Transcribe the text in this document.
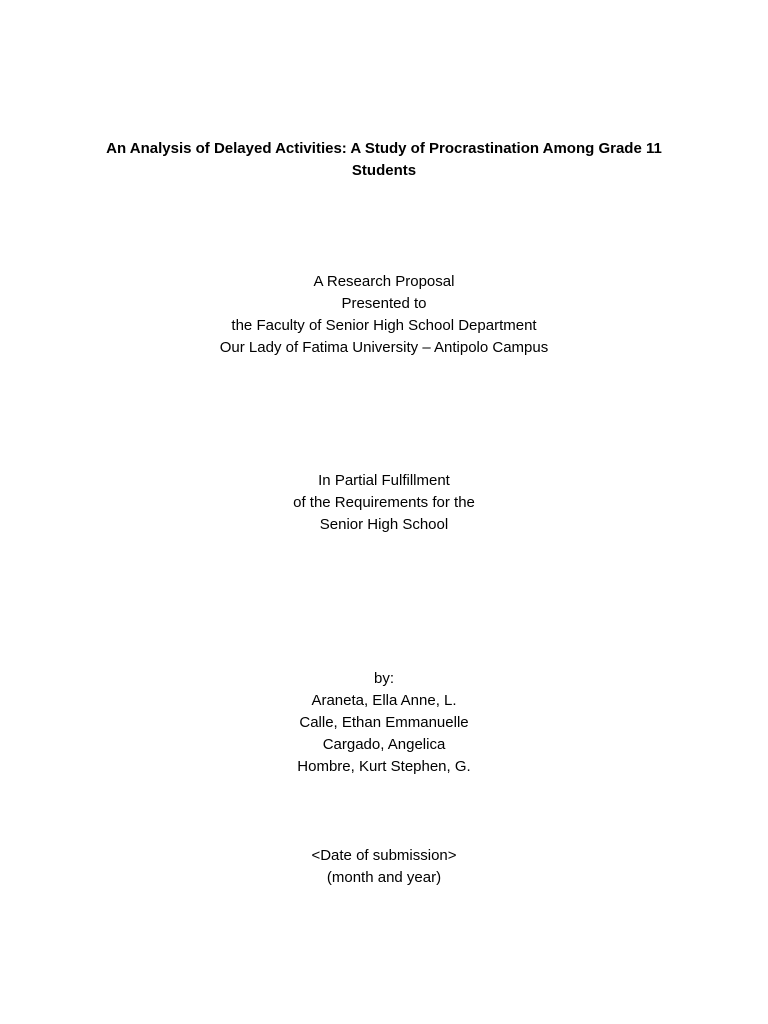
An Analysis of Delayed Activities: A Study of Procrastination Among Grade 11
Students
A Research Proposal
Presented to
the Faculty of Senior High School Department
Our Lady of Fatima University – Antipolo Campus
In Partial Fulfillment
of the Requirements for the
Senior High School
by:
Araneta, Ella Anne, L.
Calle, Ethan Emmanuelle
Cargado, Angelica
Hombre, Kurt Stephen, G.
<Date of submission>
(month and year)
